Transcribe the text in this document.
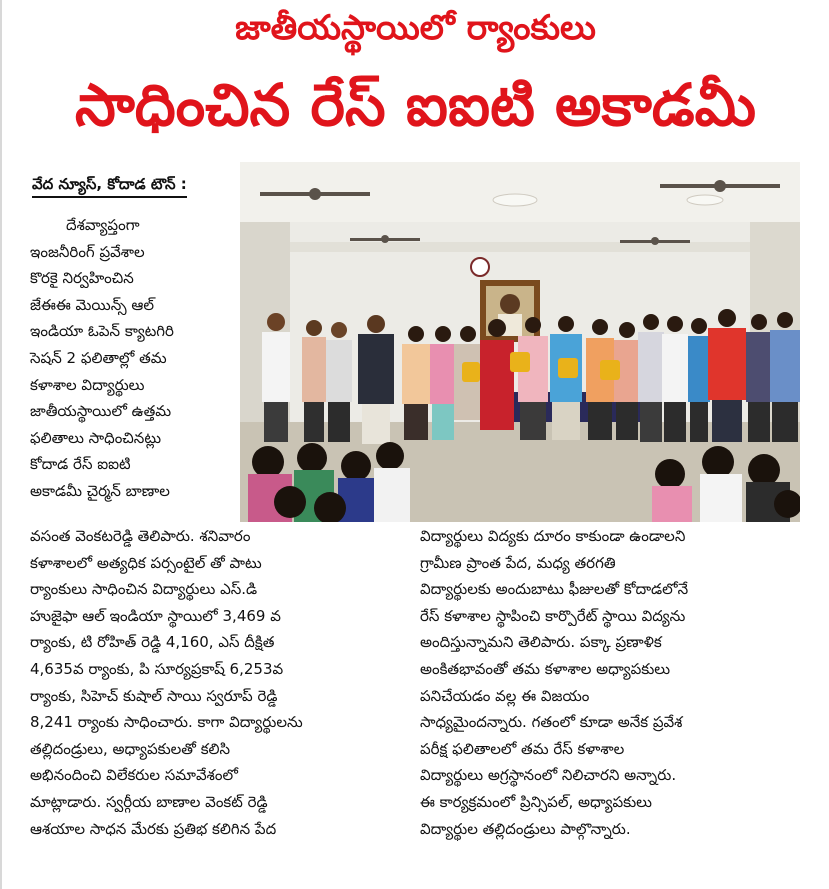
జాతీయస్థాయిలో ర్యాంకులు
సాధించిన రేస్ ఐఐటి అకాడమీ
వేద న్యూస్, కోదాడ టౌన్ :
దేశవ్యాప్తంగా
ఇంజనీరింగ్ ప్రవేశాల
కొరకై నిర్వహించిన
జేఈఈ మెయిన్స్ ఆల్
ఇండియా ఓపెన్ క్యాటగిరి
సెషన్ 2 ఫలితాల్లో తమ
కళాశాల విద్యార్థులు
జాతీయస్థాయిలో ఉత్తమ
ఫలితాలు సాధించినట్లు
కోదాడ రేస్ ఐఐటి
అకాడమీ చైర్మన్ బాణాల
వసంత వెంకటరెడ్డి తెలిపారు. శనివారం
కళాశాలలో అత్యధిక పర్సంటైల్ తో పాటు
ర్యాంకులు సాధించిన విద్యార్థులు ఎస్.డి
హుజైఫా ఆల్ ఇండియా స్థాయిలో 3,469 వ
ర్యాంకు, టి రోహిత్ రెడ్డి 4,160, ఎస్ దీక్షిత
4,635వ ర్యాంకు, పి సూర్యప్రకాష్ 6,253వ
ర్యాంకు, సిహెచ్ కుషాల్ సాయి స్వరూప్ రెడ్డి
8,241 ర్యాంకు సాధించారు. కాగా విద్యార్థులను
తల్లిదండ్రులు, అధ్యాపకులతో కలిసి
అభినందించి విలేకరుల సమావేశంలో
మాట్లాడారు. స్వర్గీయ బాణాల వెంకట్ రెడ్డి
ఆశయాల సాధన మేరకు ప్రతిభ కలిగిన పేద
విద్యార్థులు విద్యకు దూరం కాకుండా ఉండాలని
గ్రామీణ ప్రాంత పేద, మధ్య తరగతి
విద్యార్థులకు అందుబాటు ఫీజులతో కోదాడలోనే
రేస్ కళాశాల స్థాపించి కార్పొరేట్ స్థాయి విద్యను
అందిస్తున్నామని తెలిపారు. పక్కా ప్రణాళిక
అంకితభావంతో తమ కళాశాల అధ్యాపకులు
పనిచేయడం వల్ల ఈ విజయం
సాధ్యమైందన్నారు. గతంలో కూడా అనేక ప్రవేశ
పరీక్ష ఫలితాలలో తమ రేస్ కళాశాల
విద్యార్థులు అగ్రస్థానంలో నిలిచారని అన్నారు.
ఈ కార్యక్రమంలో ప్రిన్సిపల్, అధ్యాపకులు
విద్యార్థుల తల్లిదండ్రులు పాల్గొన్నారు.
